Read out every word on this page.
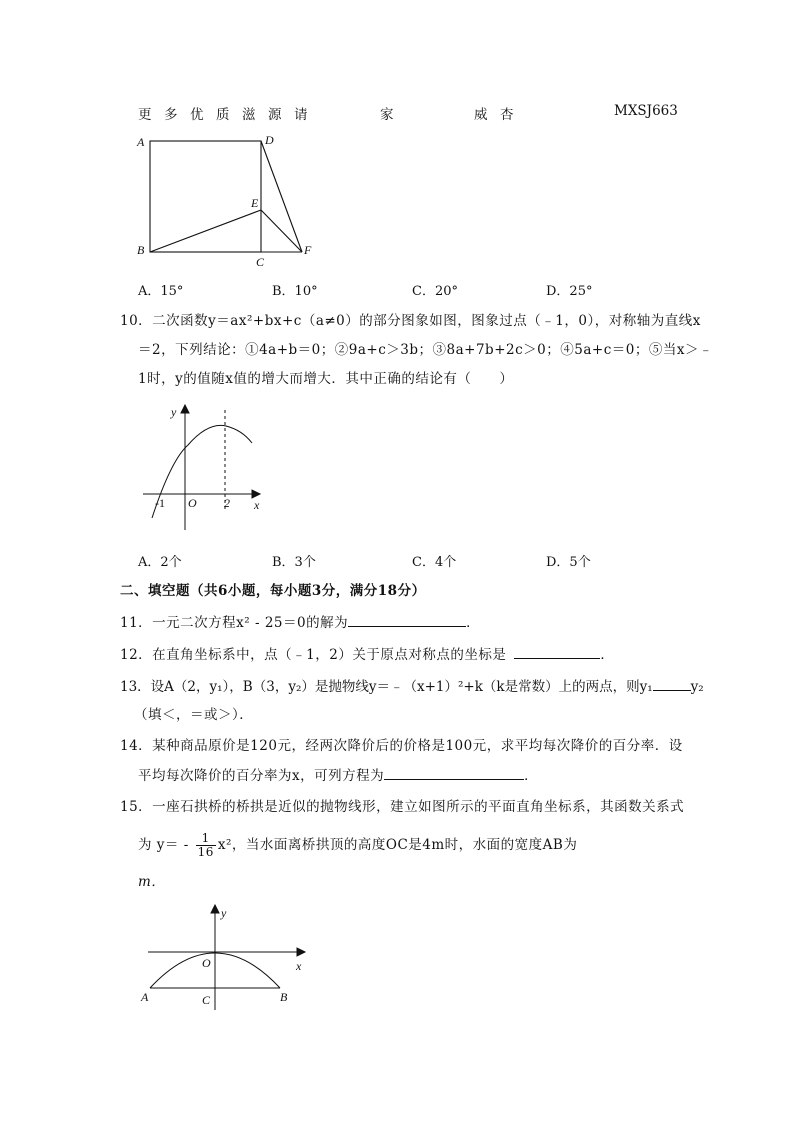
更 多 优 质 滋 源 请	家	威 杏	MXSJ663
A	D
E
B
C
F
A．15°	B．10°	C．20°	D．25°
10．二次函数y＝ax²+bx+c（a≠0）的部分图象如图，图象过点（﹣1，0），对称轴为直线x
＝2，下列结论：①4a+b＝0；②9a+c＞3b；③8a+7b+2c＞0；④5a+c＝0；⑤当x＞﹣
1时，y的值随x值的增大而增大．其中正确的结论有（　　）
y
x
-1 O 2
A．2个	B．3个	C．4个	D．5个
二、填空题（共6小题，每小题3分，满分18分）
11．一元二次方程x² - 25＝0的解为	．
12．在直角坐标系中，点（﹣1，2）关于原点对称点的坐标是	．
13．设A（2，y₁），B（3，y₂）是抛物线y＝﹣（x+1）²+k（k是常数）上的两点，则y₁	y₂
（填＜，＝或＞）．
14．某种商品原价是120元，经两次降价后的价格是100元，求平均每次降价的百分率．设
平均每次降价的百分率为x，可列方程为	．
15．一座石拱桥的桥拱是近似的抛物线形，建立如图所示的平面直角坐标系，其函数关系式
为 $y= - \frac{1}{16} x^2$，当水面离桥拱顶的高度OC是4m时，水面的宽度AB为
m．
y
x
O
A	B
C
